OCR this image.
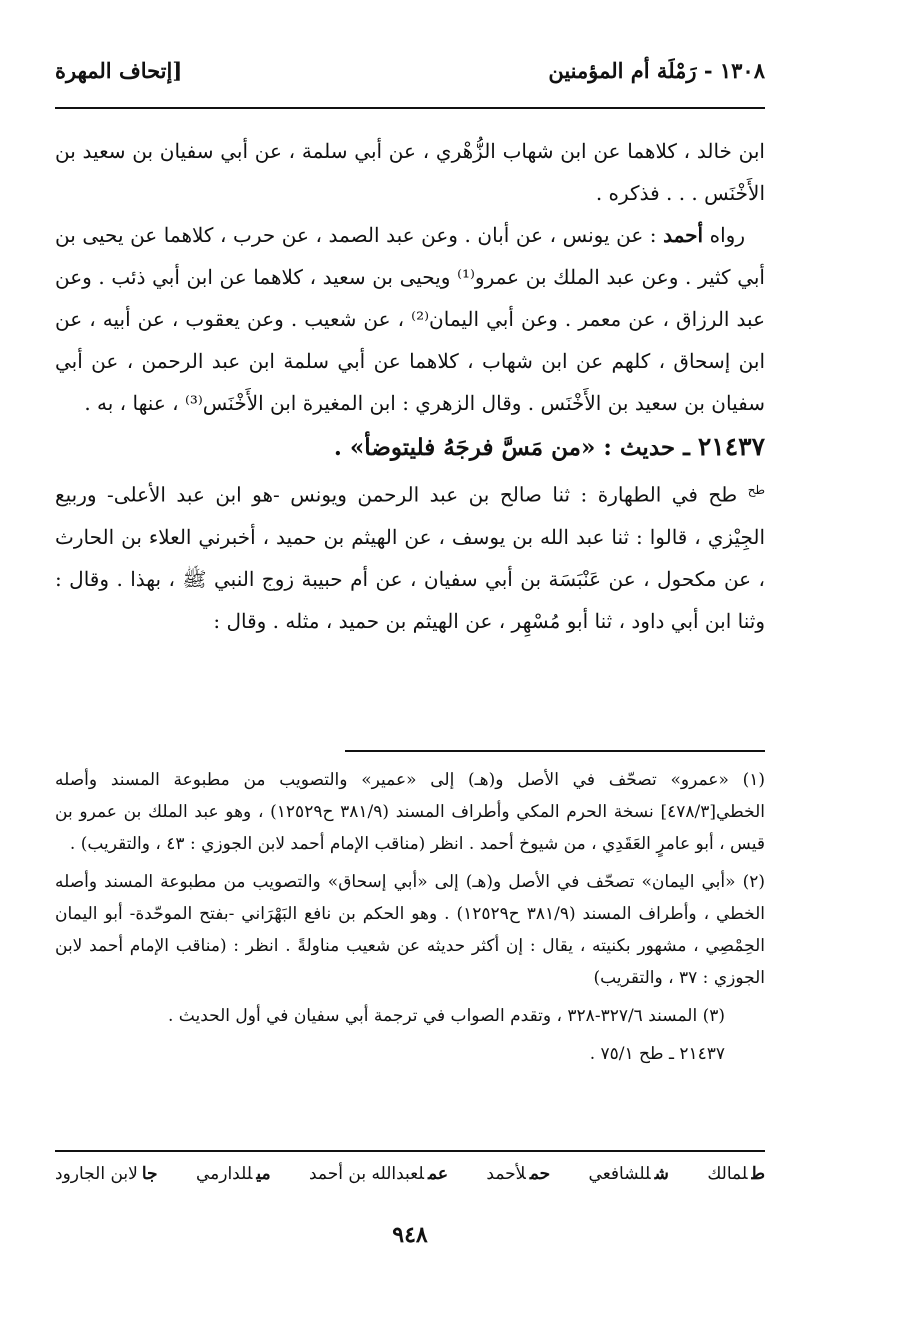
١٣٠٨ - رَمْلَة أم المؤمنين
[إتحاف المهرة

ابن خالد ، كلاهما عن ابن شهاب الزُّهْري ، عن أبي سلمة ، عن أبي سفيان بن سعيد بن الأَخْنَس . . . فذكره .

رواه أحمد : عن يونس ، عن أبان . وعن عبد الصمد ، عن حرب ، كلاهما عن يحيى بن أبي كثير . وعن عبد الملك بن عمرو⁽¹⁾ ويحيى بن سعيد ، كلاهما عن ابن أبي ذئب . وعن عبد الرزاق ، عن معمر . وعن أبي اليمان⁽²⁾ ، عن شعيب . وعن يعقوب ، عن أبيه ، عن ابن إسحاق ، كلهم عن ابن شهاب ، كلاهما عن أبي سلمة ابن عبد الرحمن ، عن أبي سفيان بن سعيد بن الأَخْنَس . وقال الزهري : ابن المغيرة ابن الأَخْنَس⁽³⁾ ، عنها ، به .

٢١٤٣٧ ـ حديث : «من مَسَّ فرجَهُ فليتوضأ» .

$^{طح}$ طح في الطهارة : ثنا صالح بن عبد الرحمن ويونس -هو ابن عبد الأعلى- وربيع الجِيْزي ، قالوا : ثنا عبد الله بن يوسف ، عن الهيثم بن حميد ، أخبرني العلاء بن الحارث ، عن مكحول ، عن عَنْبَسَة بن أبي سفيان ، عن أم حبيبة زوج النبي ﷺ ، بهذا . وقال : وثنا ابن أبي داود ، ثنا أبو مُسْهِر ، عن الهيثم بن حميد ، مثله . وقال :

(١) «عمرو» تصحّف في الأصل و(هـ) إلى «عمير» والتصويب من مطبوعة المسند وأصله الخطي[٤٧٨/٣] نسخة الحرم المكي وأطراف المسند (٣٨١/٩ ح١٢٥٢٩) ، وهو عبد الملك بن عمرو بن قيس ، أبو عامرٍ العَقَدِي ، من شيوخ أحمد . انظر (مناقب الإمام أحمد لابن الجوزي : ٤٣ ، والتقريب) .

(٢) «أبي اليمان» تصحّف في الأصل و(هـ) إلى «أبي إسحاق» والتصويب من مطبوعة المسند وأصله الخطي ، وأطراف المسند (٣٨١/٩ ح١٢٥٢٩) . وهو الحكم بن نافع البَهْرَاني -بفتح الموحّدة- أبو اليمان الحِمْصِي ، مشهور بكنيته ، يقال : إن أكثر حديثه عن شعيب مناولةً . انظر : (مناقب الإمام أحمد لابن الجوزي : ٣٧ ، والتقريب)

(٣) المسند ٣٢٧/٦-٣٢٨ ، وتقدم الصواب في ترجمة أبي سفيان في أول الحديث .

٢١٤٣٧ ـ طح ٧٥/١ .

طلمالك
شللشافعي
حملأحمد
عملعبدالله بن أحمد
ميللدارمي
جالابن الجارود
٩٤٨
